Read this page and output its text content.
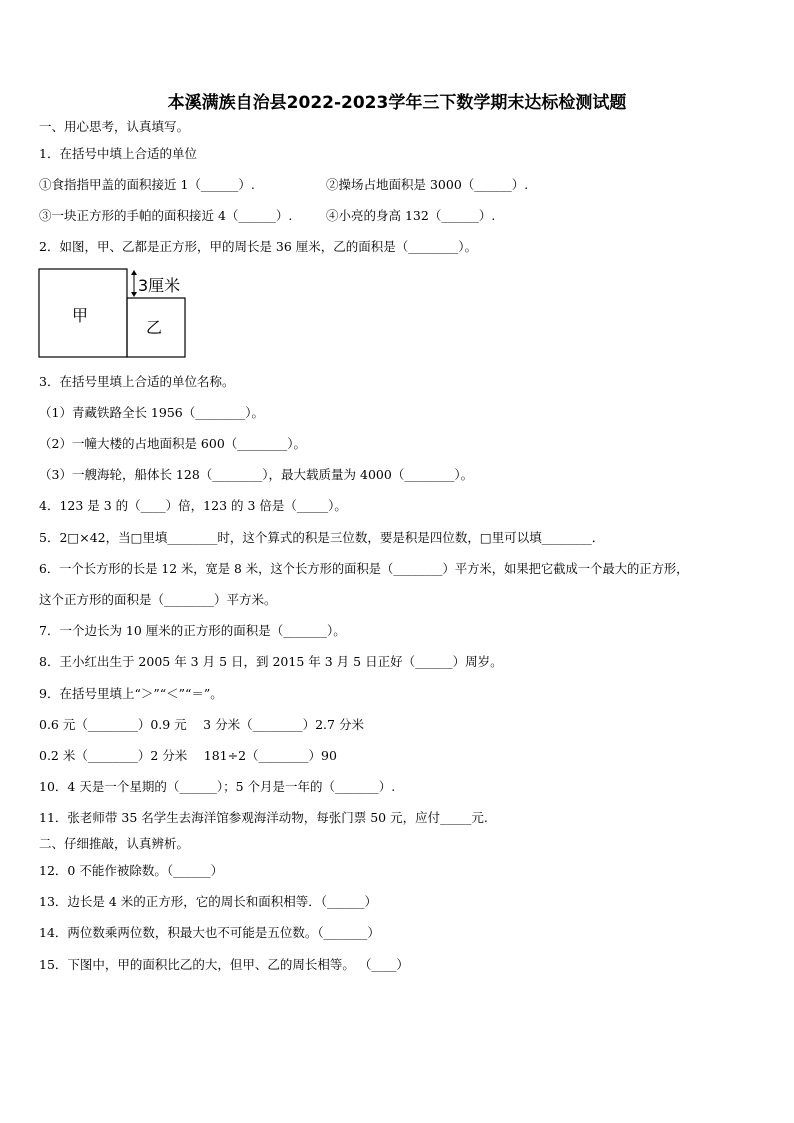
本溪满族自治县2022-2023学年三下数学期末达标检测试题
一、用心思考，认真填写。
1．在括号中填上合适的单位
①食指指甲盖的面积接近 1（______）.	②操场占地面积是 3000（______）.
③一块正方形的手帕的面积接近 4（______）.	④小亮的身高 132（______）.
2．如图，甲、乙都是正方形，甲的周长是 36 厘米，乙的面积是（________）。
3厘米
甲
乙
3．在括号里填上合适的单位名称。
（1）青藏铁路全长 1956（________）。
（2）一幢大楼的占地面积是 600（________）。
（3）一艘海轮，船体长 128（________），最大载质量为 4000（________）。
4．123 是 3 的（____）倍，123 的 3 倍是（_____）。
5．2□×42，当□里填________时，这个算式的积是三位数，要是积是四位数，□里可以填________．
6．一个长方形的长是 12 米，宽是 8 米，这个长方形的面积是（________）平方米，如果把它截成一个最大的正方形，
这个正方形的面积是（________）平方米。
7．一个边长为 10 厘米的正方形的面积是（_______）。
8．王小红出生于 2005 年 3 月 5 日，到 2015 年 3 月 5 日正好（______）周岁。
9．在括号里填上“＞”“＜”“＝”。
0.6 元（________）0.9 元　 3 分米（________）2.7 分米
0.2 米（________）2 分米　 181÷2（________）90
10．4 天是一个星期的（______）；5 个月是一年的（_______）.
11．张老师带 35 名学生去海洋馆参观海洋动物，每张门票 50 元，应付_____元.
二、仔细推敲，认真辨析。
12．0 不能作被除数。（______）
13．边长是 4 米的正方形，它的周长和面积相等．（______）
14．两位数乘两位数，积最大也不可能是五位数。（_______）
15．下图中，甲的面积比乙的大，但甲、乙的周长相等。 （____）
